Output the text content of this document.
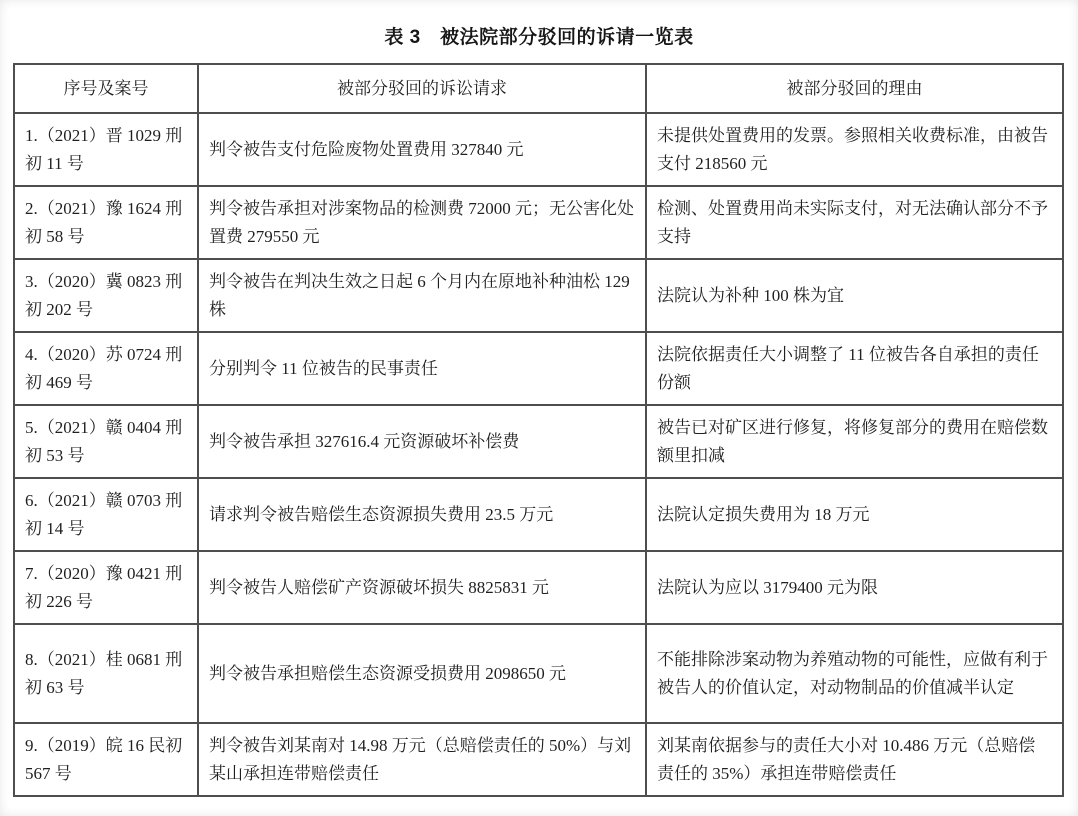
表 3　被法院部分驳回的诉请一览表
序号及案号	被部分驳回的诉讼请求	被部分驳回的理由
1.（2021）晋 1029 刑初 11 号	判令被告支付危险废物处置费用 327840 元	未提供处置费用的发票。参照相关收费标准，由被告支付 218560 元
2.（2021）豫 1624 刑初 58 号	判令被告承担对涉案物品的检测费 72000 元；无公害化处置费 279550 元	检测、处置费用尚未实际支付，对无法确认部分不予支持
3.（2020）冀 0823 刑初 202 号	判令被告在判决生效之日起 6 个月内在原地补种油松 129 株	法院认为补种 100 株为宜
4.（2020）苏 0724 刑初 469 号	分别判令 11 位被告的民事责任	法院依据责任大小调整了 11 位被告各自承担的责任份额
5.（2021）赣 0404 刑初 53 号	判令被告承担 327616.4 元资源破坏补偿费	被告已对矿区进行修复，将修复部分的费用在赔偿数额里扣减
6.（2021）赣 0703 刑初 14 号	请求判令被告赔偿生态资源损失费用 23.5 万元	法院认定损失费用为 18 万元
7.（2020）豫 0421 刑初 226 号	判令被告人赔偿矿产资源破坏损失 8825831 元	法院认为应以 3179400 元为限
8.（2021）桂 0681 刑初 63 号	判令被告承担赔偿生态资源受损费用 2098650 元	不能排除涉案动物为养殖动物的可能性，应做有利于被告人的价值认定，对动物制品的价值减半认定
9.（2019）皖 16 民初 567 号	判令被告刘某南对 14.98 万元（总赔偿责任的 50%）与刘某山承担连带赔偿责任	刘某南依据参与的责任大小对 10.486 万元（总赔偿责任的 35%）承担连带赔偿责任
